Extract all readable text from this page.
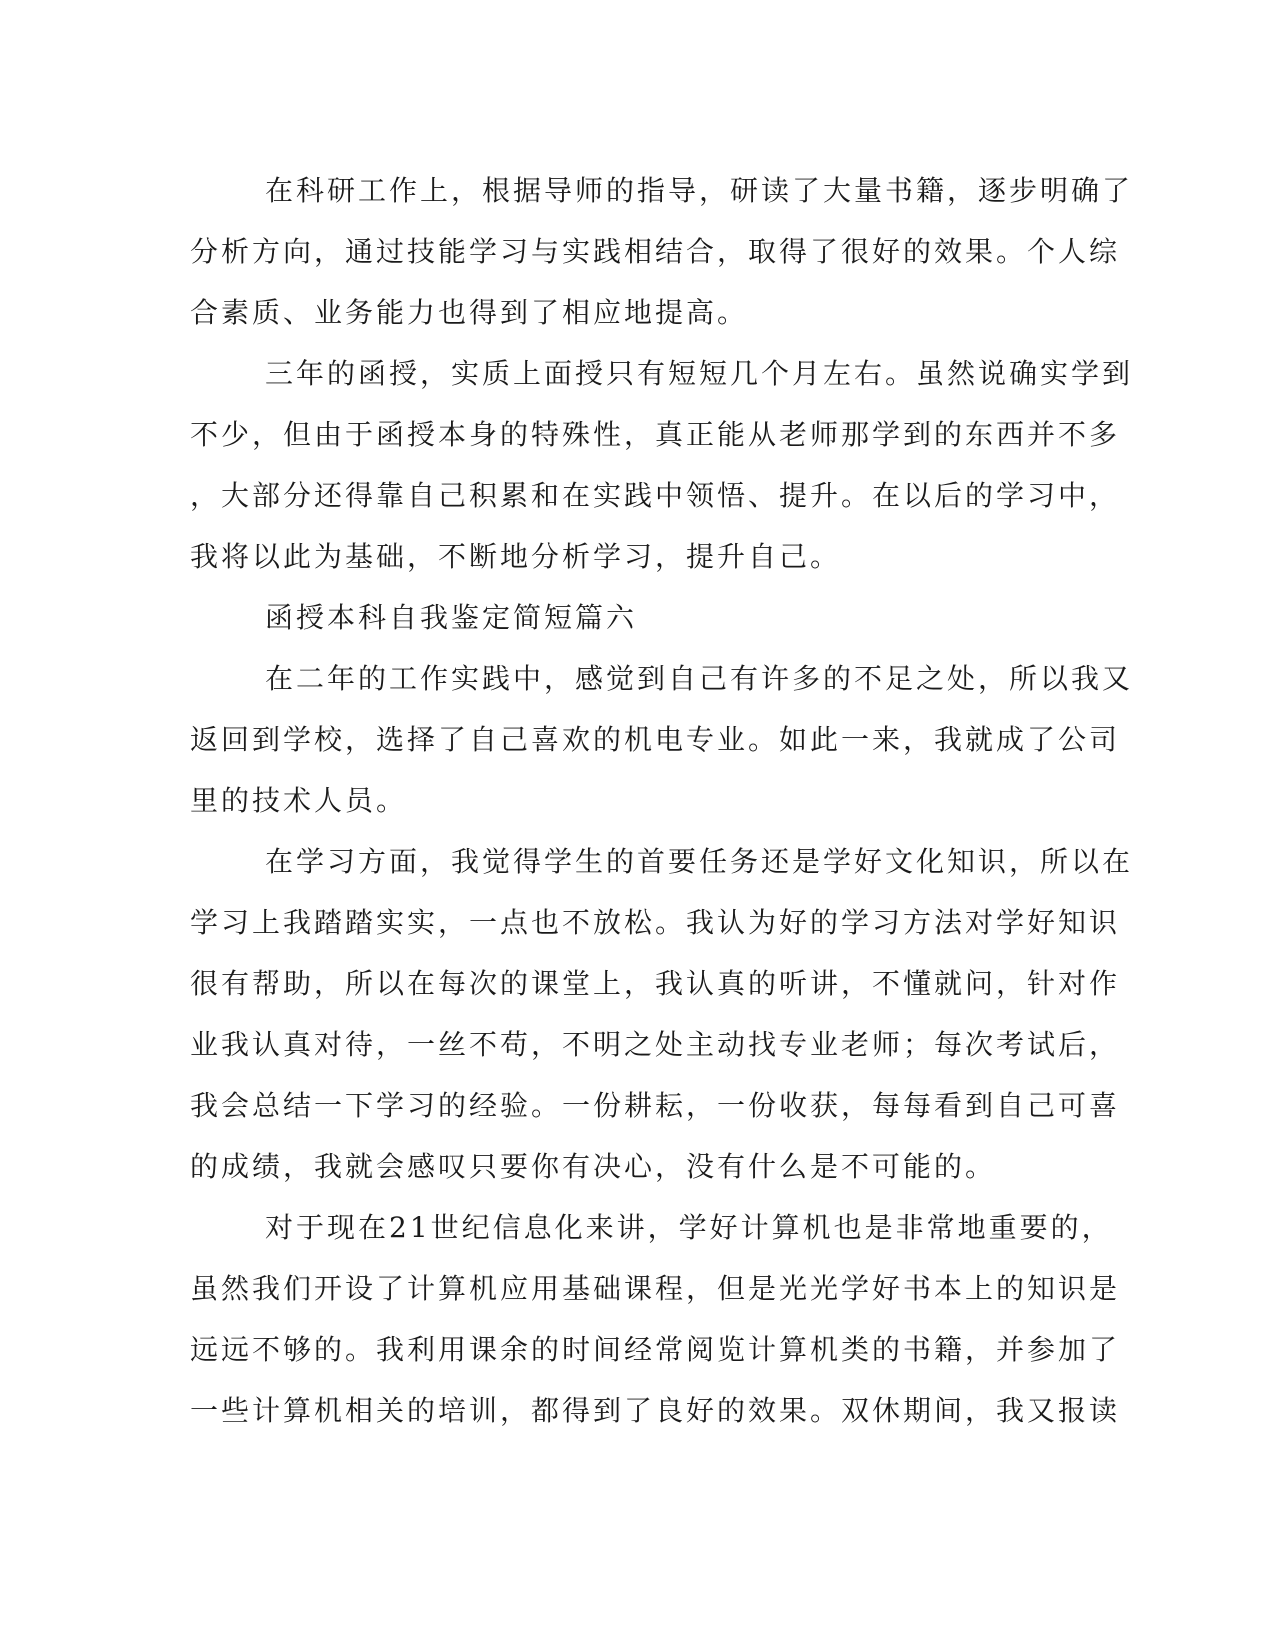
在科研工作上，根据导师的指导，研读了大量书籍，逐步明确了
分析方向，通过技能学习与实践相结合，取得了很好的效果。个人综
合素质、业务能力也得到了相应地提高。
三年的函授，实质上面授只有短短几个月左右。虽然说确实学到
不少，但由于函授本身的特殊性，真正能从老师那学到的东西并不多
，大部分还得靠自己积累和在实践中领悟、提升。在以后的学习中，
我将以此为基础，不断地分析学习，提升自己。
函授本科自我鉴定简短篇六
在二年的工作实践中，感觉到自己有许多的不足之处，所以我又
返回到学校，选择了自己喜欢的机电专业。如此一来，我就成了公司
里的技术人员。
在学习方面，我觉得学生的首要任务还是学好文化知识，所以在
学习上我踏踏实实，一点也不放松。我认为好的学习方法对学好知识
很有帮助，所以在每次的课堂上，我认真的听讲，不懂就问，针对作
业我认真对待，一丝不苟，不明之处主动找专业老师；每次考试后，
我会总结一下学习的经验。一份耕耘，一份收获，每每看到自己可喜
的成绩，我就会感叹只要你有决心，没有什么是不可能的。
对于现在21世纪信息化来讲，学好计算机也是非常地重要的，
虽然我们开设了计算机应用基础课程，但是光光学好书本上的知识是
远远不够的。我利用课余的时间经常阅览计算机类的书籍，并参加了
一些计算机相关的培训，都得到了良好的效果。双休期间，我又报读
